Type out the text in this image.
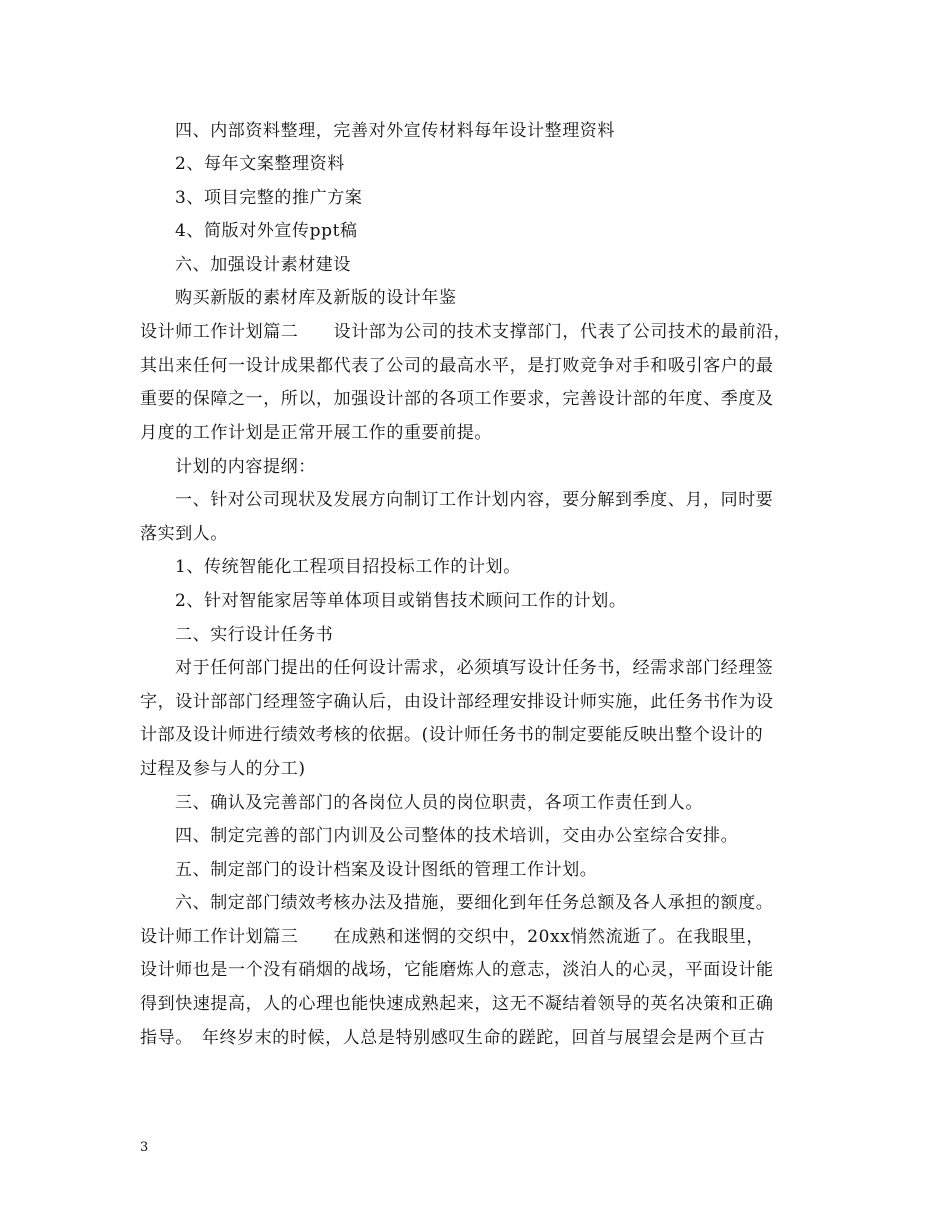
四、内部资料整理，完善对外宣传材料每年设计整理资料
2、每年文案整理资料
3、项目完整的推广方案
4、简版对外宣传ppt稿
六、加强设计素材建设
购买新版的素材库及新版的设计年鉴
设计师工作计划篇二　　设计部为公司的技术支撑部门，代表了公司技术的最前沿，
其出来任何一设计成果都代表了公司的最高水平，是打败竞争对手和吸引客户的最
重要的保障之一，所以，加强设计部的各项工作要求，完善设计部的年度、季度及
月度的工作计划是正常开展工作的重要前提。
计划的内容提纲：
一、针对公司现状及发展方向制订工作计划内容，要分解到季度、月，同时要
落实到人。
1、传统智能化工程项目招投标工作的计划。
2、针对智能家居等单体项目或销售技术顾问工作的计划。
二、实行设计任务书
对于任何部门提出的任何设计需求，必须填写设计任务书，经需求部门经理签
字，设计部部门经理签字确认后，由设计部经理安排设计师实施，此任务书作为设
计部及设计师进行绩效考核的依据。(设计师任务书的制定要能反映出整个设计的
过程及参与人的分工)
三、确认及完善部门的各岗位人员的岗位职责，各项工作责任到人。
四、制定完善的部门内训及公司整体的技术培训，交由办公室综合安排。
五、制定部门的设计档案及设计图纸的管理工作计划。
六、制定部门绩效考核办法及措施，要细化到年任务总额及各人承担的额度。
设计师工作计划篇三　　在成熟和迷惘的交织中，20xx悄然流逝了。在我眼里，
设计师也是一个没有硝烟的战场，它能磨炼人的意志，淡泊人的心灵，平面设计能
得到快速提高，人的心理也能快速成熟起来，这无不凝结着领导的英名决策和正确
指导。　年终岁末的时候，人总是特别感叹生命的蹉跎，回首与展望会是两个亘古
3
